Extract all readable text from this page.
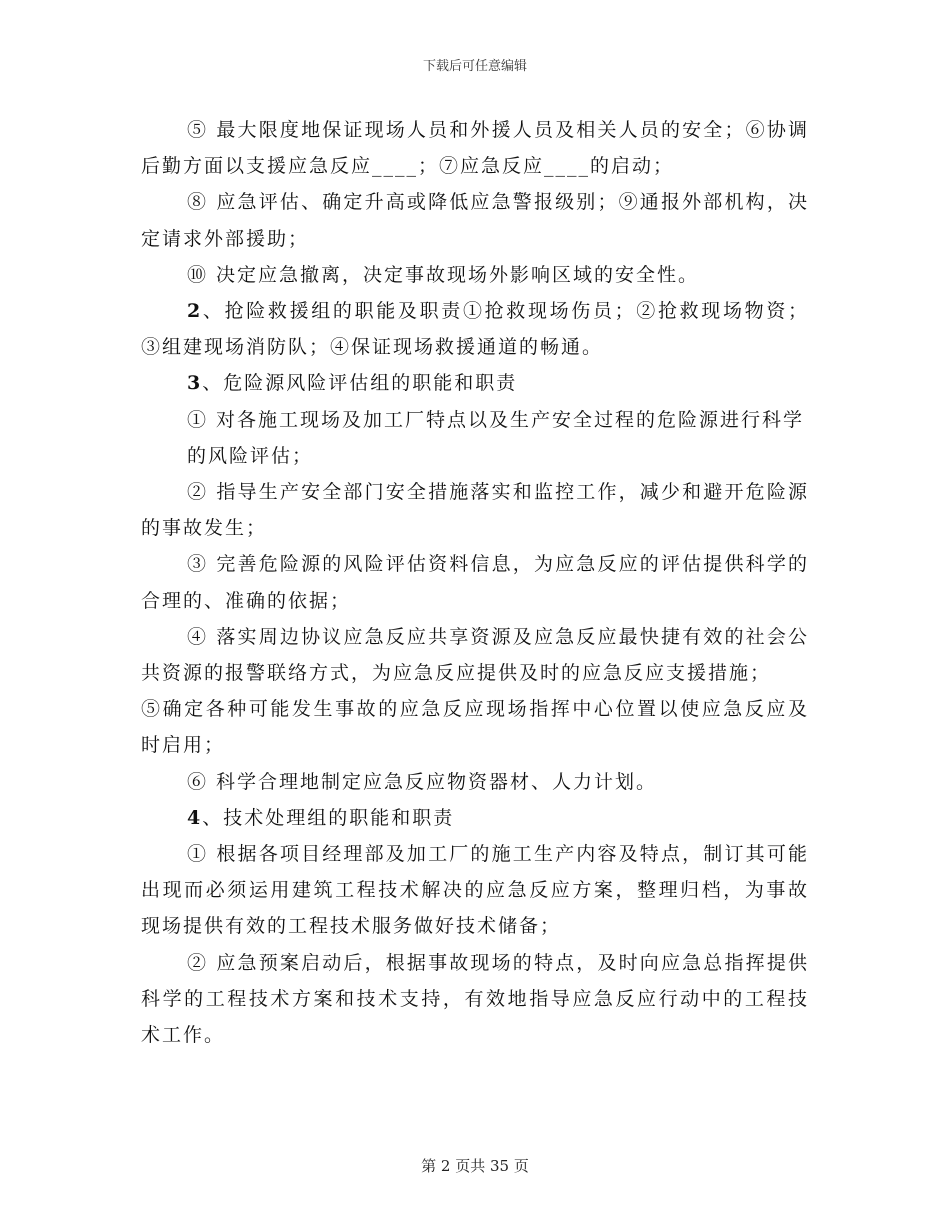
下载后可任意编辑

⑤ 最大限度地保证现场人员和外援人员及相关人员的安全；⑥协调后勤方面以支援应急反应____；⑦应急反应____的启动；

⑧ 应急评估、确定升高或降低应急警报级别；⑨通报外部机构，决定请求外部援助；

⑩ 决定应急撤离，决定事故现场外影响区域的安全性。

2、抢险救援组的职能及职责①抢救现场伤员；②抢救现场物资；③组建现场消防队；④保证现场救援通道的畅通。

3、危险源风险评估组的职能和职责

① 对各施工现场及加工厂特点以及生产安全过程的危险源进行科学

的风险评估；

② 指导生产安全部门安全措施落实和监控工作，减少和避开危险源的事故发生；

③ 完善危险源的风险评估资料信息，为应急反应的评估提供科学的合理的、准确的依据；

④ 落实周边协议应急反应共享资源及应急反应最快捷有效的社会公共资源的报警联络方式，为应急反应提供及时的应急反应支援措施；

⑤确定各种可能发生事故的应急反应现场指挥中心位置以使应急反应及时启用；

⑥ 科学合理地制定应急反应物资器材、人力计划。

4、技术处理组的职能和职责

① 根据各项目经理部及加工厂的施工生产内容及特点，制订其可能出现而必须运用建筑工程技术解决的应急反应方案，整理归档，为事故现场提供有效的工程技术服务做好技术储备；

② 应急预案启动后，根据事故现场的特点，及时向应急总指挥提供科学的工程技术方案和技术支持，有效地指导应急反应行动中的工程技术工作。

第 2 页共 35 页
